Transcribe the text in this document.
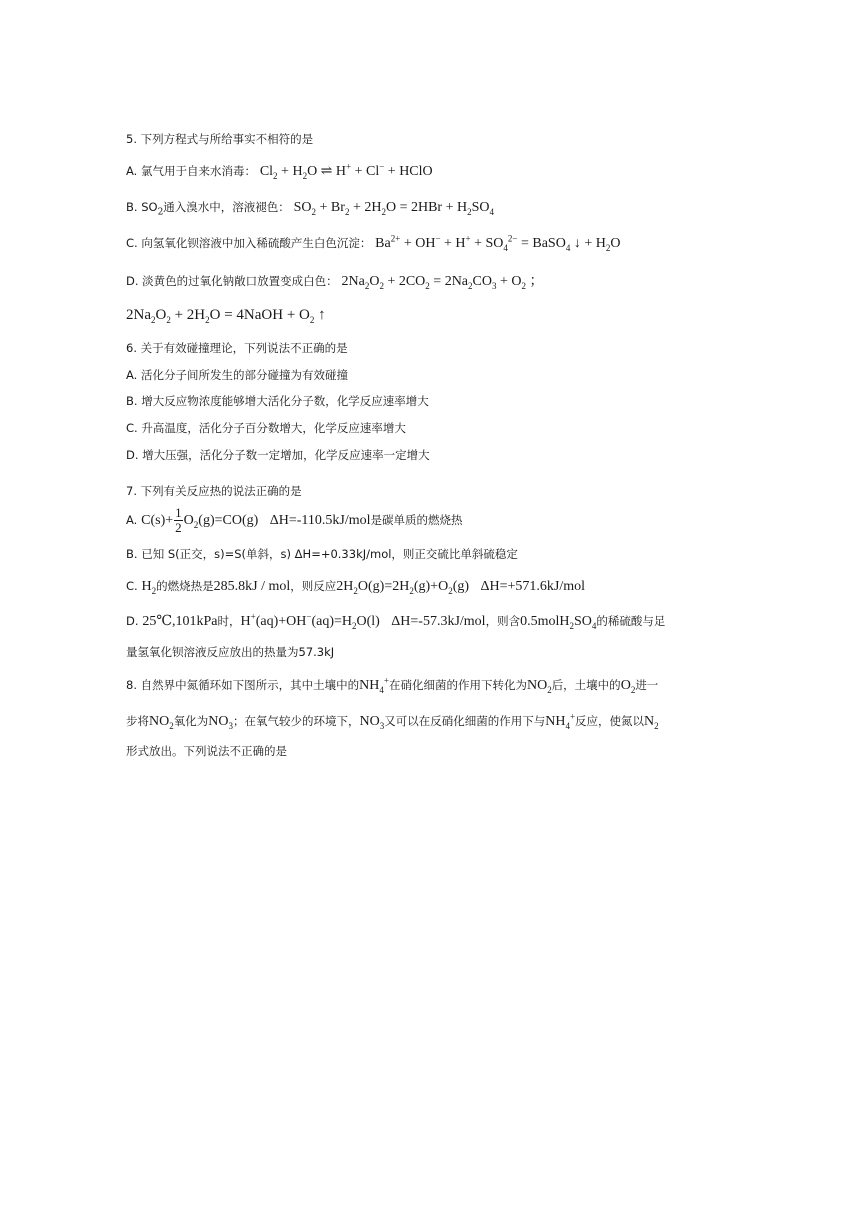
5. 下列方程式与所给事实不相符的是
A. 氯气用于自来水消毒： $Cl_2 + H_2O$ ⇌ H+ + Cl− + HClO
B. $SO_2$通入溴水中，溶液褪色： $SO_2 + Br_2 + 2H_2O = 2HBr + H_2SO_4$
C. 向氢氧化钡溶液中加入稀硫酸产生白色沉淀： $Ba^{2+} + OH^- + H^+ + SO_4^{2-}$ = BaSO$_4$ ↓ + $H_2O$
D. 淡黄色的过氧化钠敞口放置变成白色： $2Na_2O_2 + 2CO_2 = 2Na_2CO_3 + O_2$ ；
$2Na_2O_2 + 2H_2O$ = 4NaOH + $O_2$ ↑
6. 关于有效碰撞理论，下列说法不正确的是
A. 活化分子间所发生的部分碰撞为有效碰撞
B. 增大反应物浓度能够增大活化分子数，化学反应速率增大
C. 升高温度，活化分子百分数增大，化学反应速率增大
D. 增大压强，活化分子数一定增加，化学反应速率一定增大
7. 下列有关反应热的说法正确的是
A. $C(s)+ \frac{1}{2} O_2(g)=CO(g)$ ΔH=-110.5kJ/mol是碳单质的燃烧热
B. 已知 S(正交，s)=S(单斜，s) ΔH=+0.33kJ/mol，则正交硫比单斜硫稳定
C. $H_2$的燃烧热是285.8kJ / mol，则反应$2H_2O(g)=2H_2(g)+O_2(g)$ ΔH=+571.6kJ/mol
D. 25℃,101kPa时，$H^+(aq)+OH^-(aq)=H_2O(l)$ ΔH=-57.3kJ/mol，则含$0.5molH_2SO_4$的稀硫酸与足
量氢氧化钡溶液反应放出的热量为57.3kJ
8. 自然界中氮循环如下图所示，其中土壤中的$NH_4^+$在硝化细菌的作用下转化为$NO_2$后，土壤中的$O_2$进一
步将$NO_2$氧化为$NO_3$；在氧气较少的环境下，$NO_3$又可以在反硝化细菌的作用下与$NH_4^+$反应，使氮以$N_2$
形式放出。下列说法不正确的是
